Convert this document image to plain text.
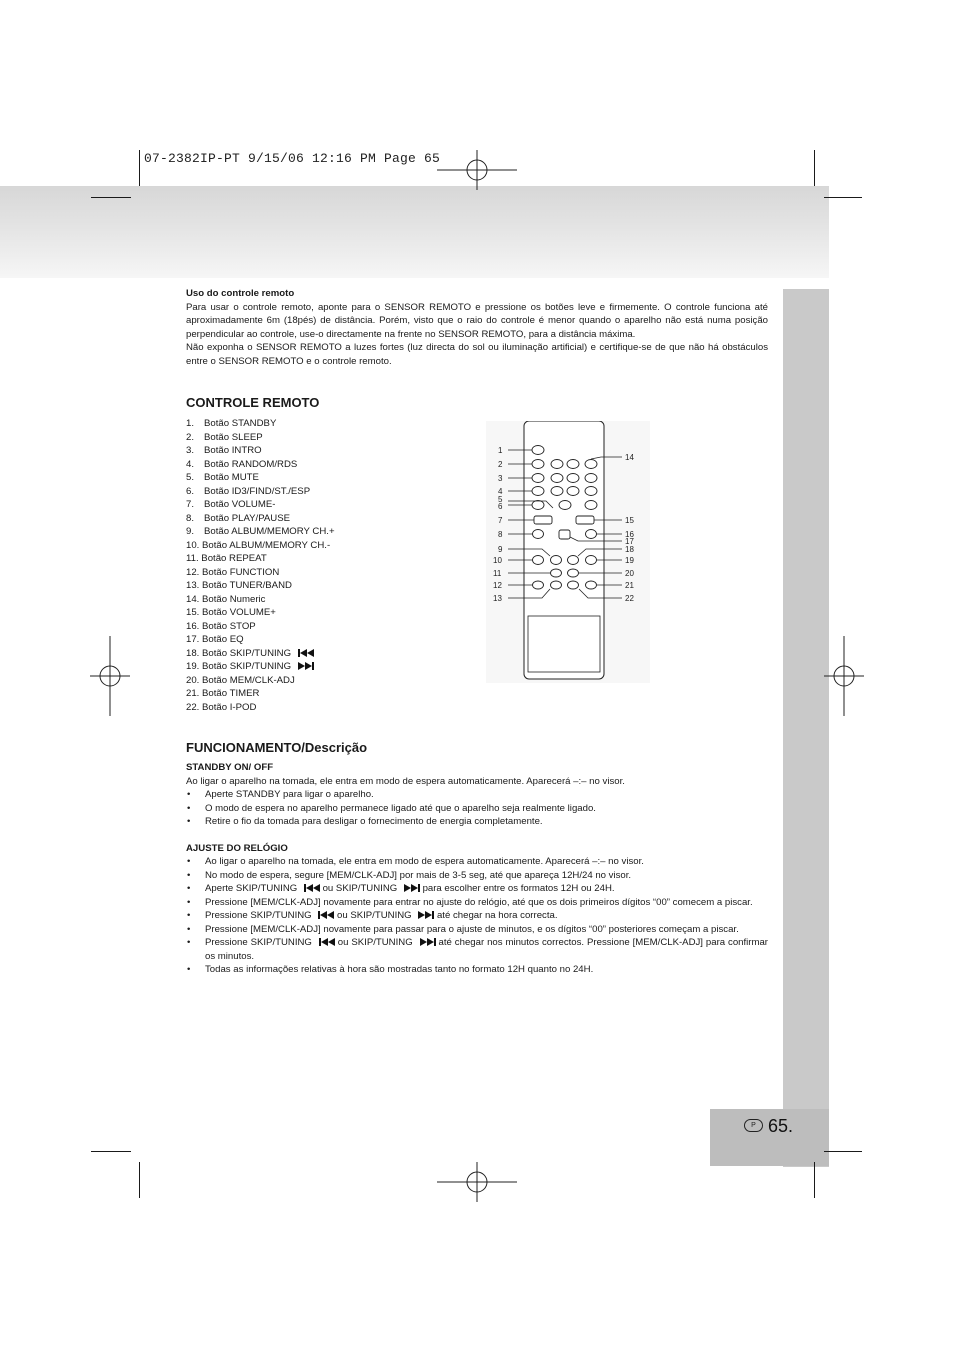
07-2382IP-PT 9/15/06 12:16 PM Page 65
P 65.
Uso do controle remoto
Para usar o controle remoto, aponte para o SENSOR REMOTO e pressione os botões leve e firmemente. O controle funciona até aproximadamente 6m (18pés) de distância. Porém, visto que o raio do controle é menor quando o aparelho não está numa posição perpendicular ao controle, use-o directamente na frente no SENSOR REMOTO, para a distância máxima.
Não exponha o SENSOR REMOTO a luzes fortes (luz directa do sol ou iluminação artificial) e certifique-se de que não há obstáculos entre o SENSOR REMOTO e o controle remoto.
CONTROLE REMOTO
1. Botão STANDBY
2. Botão SLEEP
3. Botão INTRO
4. Botão RANDOM/RDS
5. Botão MUTE
6. Botão ID3/FIND/ST./ESP
7. Botão VOLUME-
8. Botão PLAY/PAUSE
9. Botão ALBUM/MEMORY CH.+
10. Botão ALBUM/MEMORY CH.-
11. Botão REPEAT
12. Botão FUNCTION
13. Botão TUNER/BAND
14. Botão Numeric
15. Botão VOLUME+
16. Botão STOP
17. Botão EQ
18. Botão SKIP/TUNING
19. Botão SKIP/TUNING
20. Botão MEM/CLK-ADJ
21. Botão TIMER
22. Botão I-POD
1
2
3
4
5
6
7
8
9
10
11
12
13
14
15
16
17
18
19
20
21
22
FUNCIONAMENTO/Descrição
STANDBY ON/ OFF
Ao ligar o aparelho na tomada, ele entra em modo de espera automaticamente. Aparecerá –:– no visor.
• Aperte STANDBY para ligar o aparelho.
• O modo de espera no aparelho permanece ligado até que o aparelho seja realmente ligado.
• Retire o fio da tomada para desligar o fornecimento de energia completamente.
AJUSTE DO RELÓGIO
• Ao ligar o aparelho na tomada, ele entra em modo de espera automaticamente. Aparecerá –:– no visor.
• No modo de espera, segure [MEM/CLK-ADJ] por mais de 3-5 seg, até que apareça 12H/24 no visor.
• Aperte SKIP/TUNING	ou SKIP/TUNING	para escolher entre os formatos 12H ou 24H.
• Pressione [MEM/CLK-ADJ] novamente para entrar no ajuste do relógio, até que os dois primeiros dígitos “00” comecem a piscar.
• Pressione SKIP/TUNING	ou SKIP/TUNING	até chegar na hora correcta.
• Pressione [MEM/CLK-ADJ] novamente para passar para o ajuste de minutos, e os dígitos “00” posteriores começam a piscar.
• Pressione SKIP/TUNING	ou SKIP/TUNING	até chegar nos minutos correctos. Pressione [MEM/CLK-ADJ] para confirmar os minutos.
• Todas as informações relativas à hora são mostradas tanto no formato 12H quanto no 24H.
